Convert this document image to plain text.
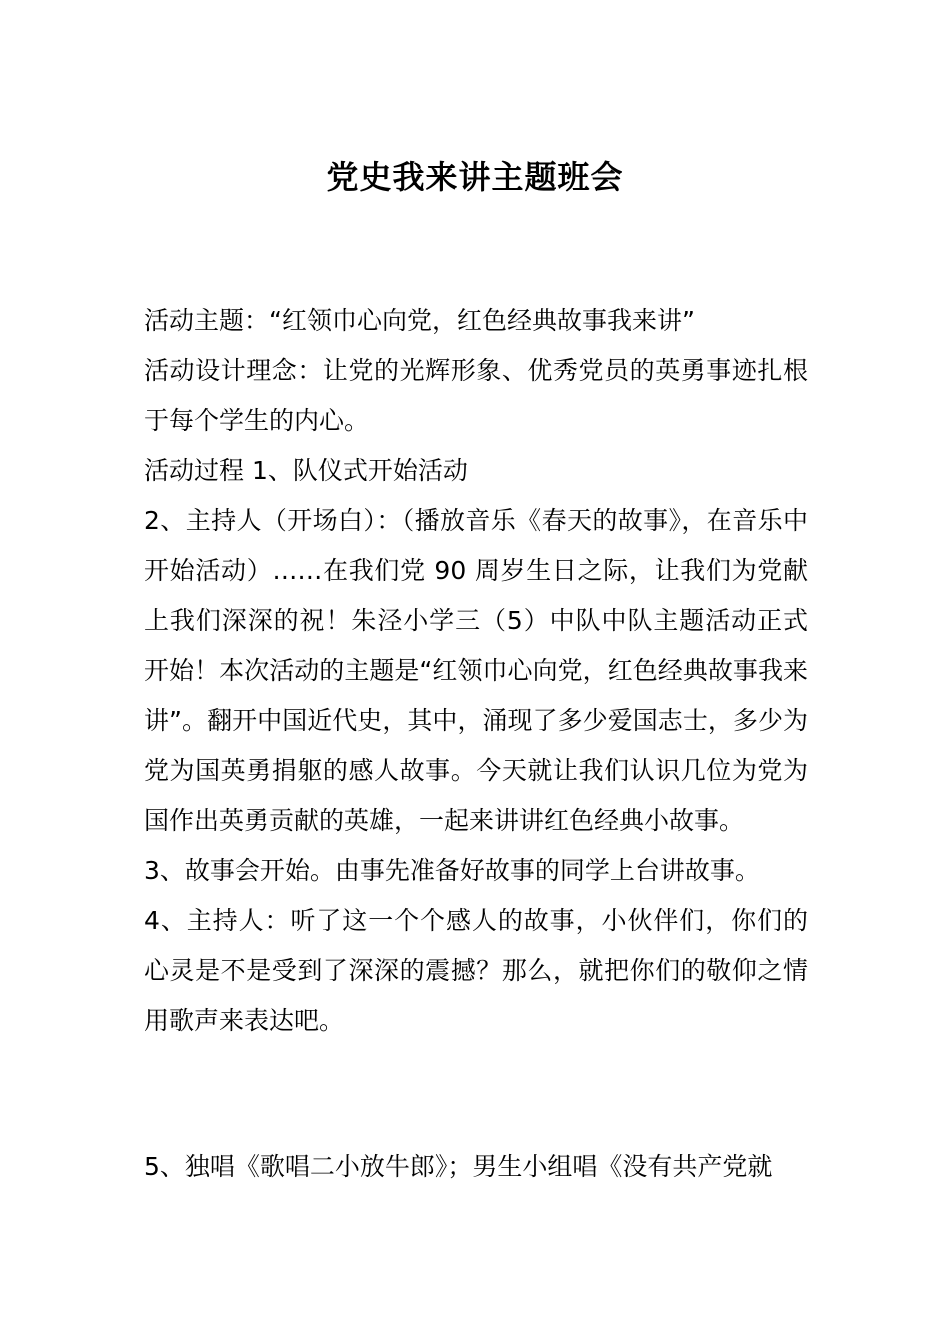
党史我来讲主题班会

活动主题：“红领巾心向党，红色经典故事我来讲”

活动设计理念：让党的光辉形象、优秀党员的英勇事迹扎根于每个学生的内心。

活动过程 1、队仪式开始活动

2、主持人（开场白）：（播放音乐《春天的故事》，在音乐中开始活动）……在我们党 90 周岁生日之际，让我们为党献上我们深深的祝！朱泾小学三（5）中队中队主题活动正式开始！本次活动的主题是“红领巾心向党，红色经典故事我来讲”。翻开中国近代史，其中，涌现了多少爱国志士，多少为党为国英勇捐躯的感人故事。今天就让我们认识几位为党为国作出英勇贡献的英雄，一起来讲讲红色经典小故事。

3、故事会开始。由事先准备好故事的同学上台讲故事。

4、主持人：听了这一个个感人的故事，小伙伴们，你们的心灵是不是受到了深深的震撼？那么，就把你们的敬仰之情用歌声来表达吧。

5、独唱《歌唱二小放牛郎》；男生小组唱《没有共产党就
